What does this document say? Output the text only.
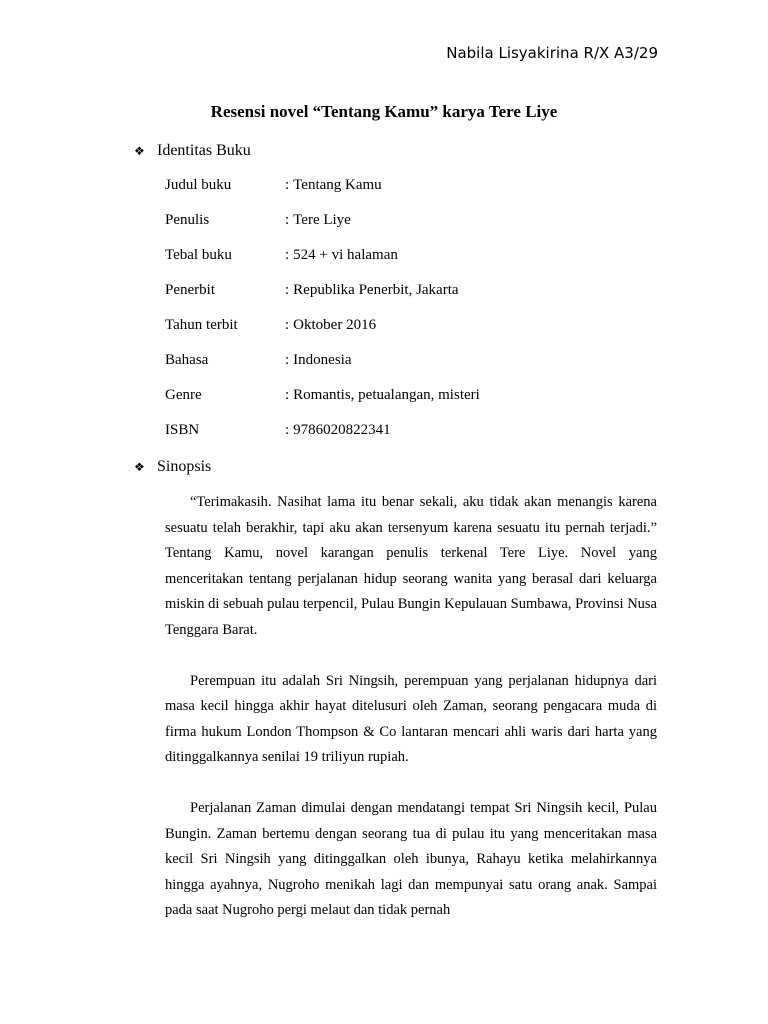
Nabila Lisyakirina R/X A3/29
Resensi novel “Tentang Kamu” karya Tere Liye
❖ Identitas Buku
Judul buku	: Tentang Kamu
Penulis	: Tere Liye
Tebal buku	: 524 + vi halaman
Penerbit	: Republika Penerbit, Jakarta
Tahun terbit	: Oktober 2016
Bahasa	: Indonesia
Genre	: Romantis, petualangan, misteri
ISBN	: 9786020822341
❖ Sinopsis

“Terimakasih. Nasihat lama itu benar sekali, aku tidak akan menangis karena sesuatu telah berakhir, tapi aku akan tersenyum karena sesuatu itu pernah terjadi.” Tentang Kamu, novel karangan penulis terkenal Tere Liye. Novel yang menceritakan tentang perjalanan hidup seorang wanita yang berasal dari keluarga miskin di sebuah pulau terpencil, Pulau Bungin Kepulauan Sumbawa, Provinsi Nusa Tenggara Barat.

Perempuan itu adalah Sri Ningsih, perempuan yang perjalanan hidupnya dari masa kecil hingga akhir hayat ditelusuri oleh Zaman, seorang pengacara muda di firma hukum London Thompson & Co lantaran mencari ahli waris dari harta yang ditinggalkannya senilai 19 triliyun rupiah.

Perjalanan Zaman dimulai dengan mendatangi tempat Sri Ningsih kecil, Pulau Bungin. Zaman bertemu dengan seorang tua di pulau itu yang menceritakan masa kecil Sri Ningsih yang ditinggalkan oleh ibunya, Rahayu ketika melahirkannya hingga ayahnya, Nugroho menikah lagi dan mempunyai satu orang anak. Sampai pada saat Nugroho pergi melaut dan tidak pernah
